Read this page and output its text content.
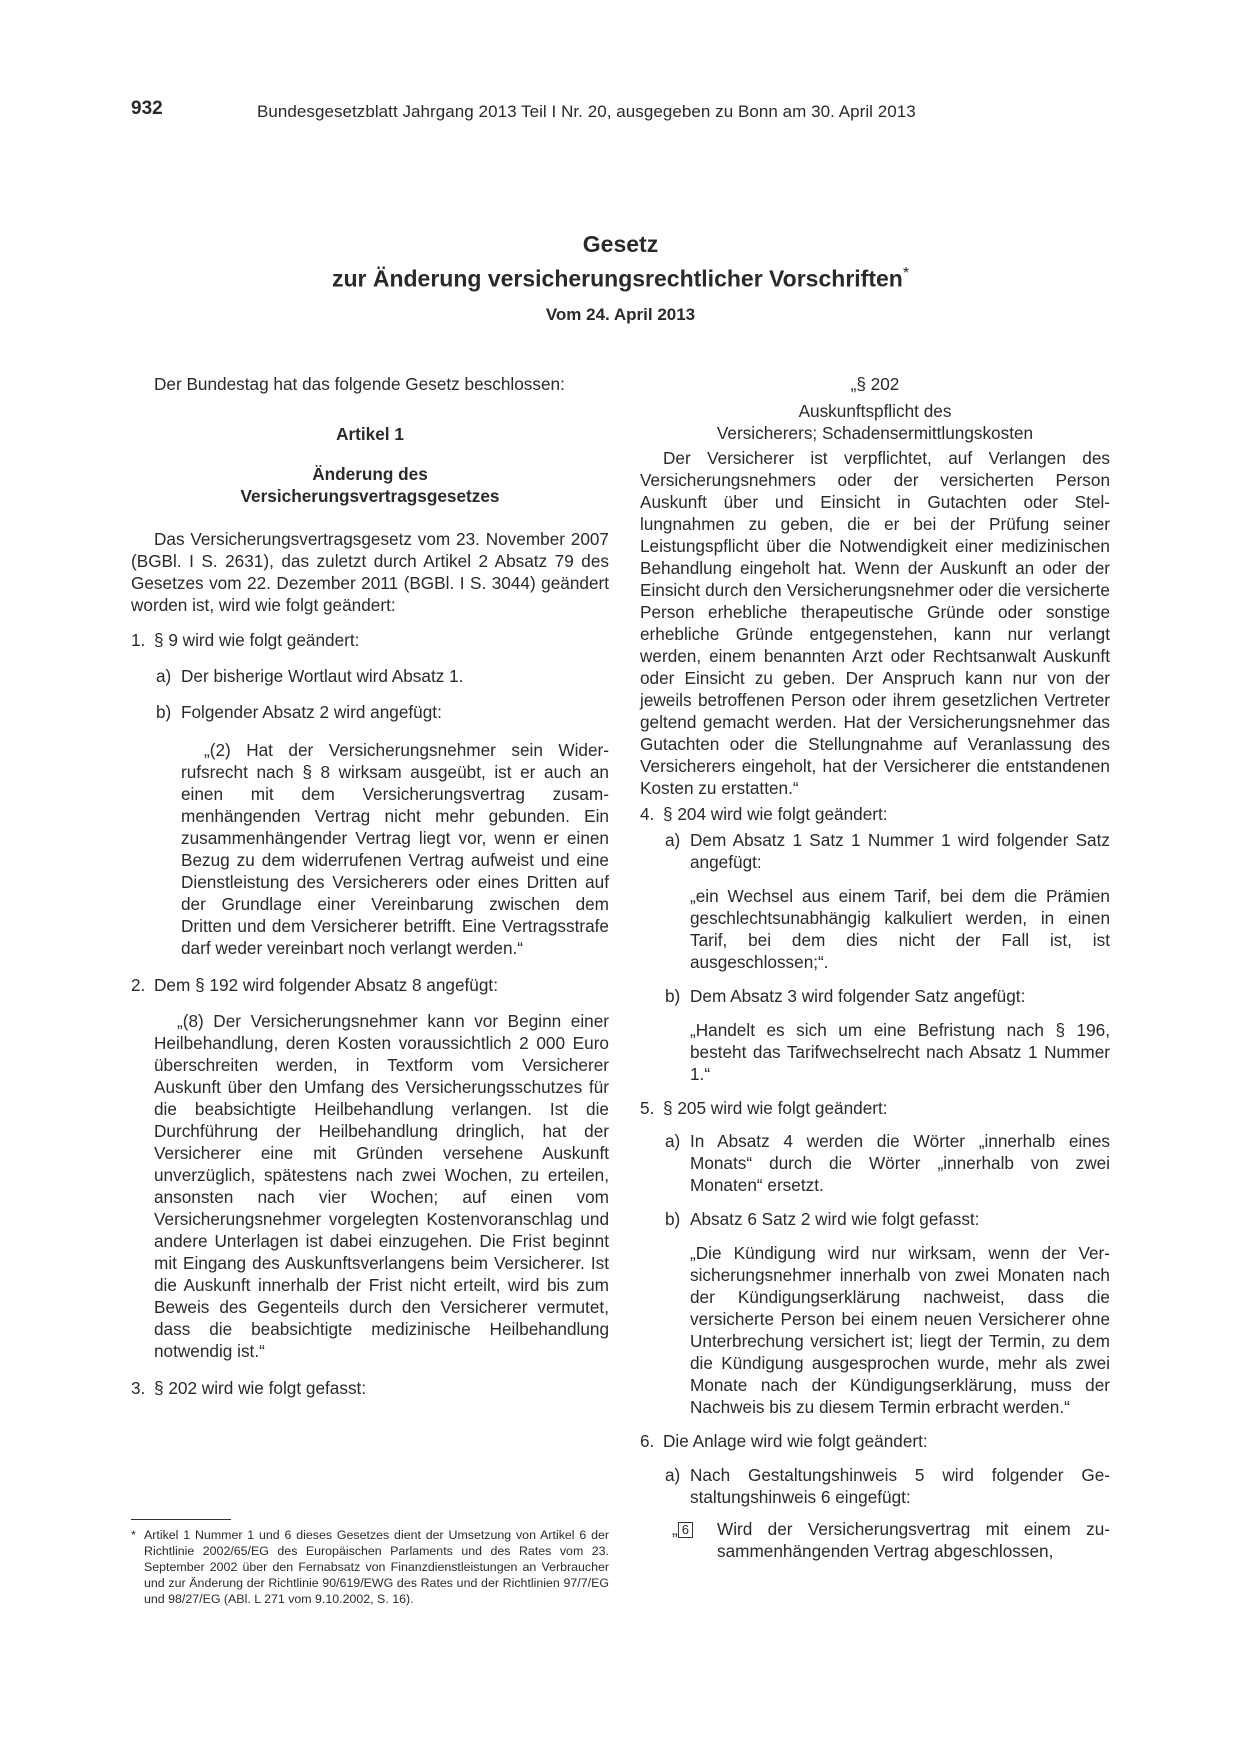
932	Bundesgesetzblatt Jahrgang 2013 Teil I Nr. 20, ausgegeben zu Bonn am 30. April 2013
Gesetz
zur Änderung versicherungsrechtlicher Vorschriften*
Vom 24. April 2013

Der Bundestag hat das folgende Gesetz beschlossen:

Artikel 1

Änderung des

Versicherungsvertragsgesetzes

Das Versicherungsvertragsgesetz vom 23. November 2007 (BGBl. I S. 2631), das zuletzt durch Artikel 2 Absatz 79 des Gesetzes vom 22. Dezember 2011 (BGBl. I S. 3044) geändert worden ist, wird wie folgt geändert:

1. § 9 wird wie folgt geändert:
a) Der bisherige Wortlaut wird Absatz 1.
b) Folgender Absatz 2 wird angefügt:

„(2) Hat der Versicherungsnehmer sein Widerrufsrecht nach § 8 wirksam ausgeübt, ist er auch an einen mit dem Versicherungsvertrag zusammenhängenden Vertrag nicht mehr gebunden. Ein zusammenhängender Vertrag liegt vor, wenn er einen Bezug zu dem widerrufenen Vertrag aufweist und eine Dienstleistung des Versicherers oder eines Dritten auf der Grundlage einer Vereinbarung zwischen dem Dritten und dem Versicherer betrifft. Eine Vertragsstrafe darf weder vereinbart noch verlangt werden.“

2. Dem § 192 wird folgender Absatz 8 angefügt:

„(8) Der Versicherungsnehmer kann vor Beginn einer Heilbehandlung, deren Kosten voraussichtlich 2 000 Euro überschreiten werden, in Textform vom Versicherer Auskunft über den Umfang des Versicherungsschutzes für die beabsichtigte Heilbehandlung verlangen. Ist die Durchführung der Heilbehandlung dringlich, hat der Versicherer eine mit Gründen versehene Auskunft unverzüglich, spätestens nach zwei Wochen, zu erteilen, ansonsten nach vier Wochen; auf einen vom Versicherungsnehmer vorgelegten Kostenvoranschlag und andere Unterlagen ist dabei einzugehen. Die Frist beginnt mit Eingang des Auskunftsverlangens beim Versicherer. Ist die Auskunft innerhalb der Frist nicht erteilt, wird bis zum Beweis des Gegenteils durch den Versicherer vermutet, dass die beabsichtigte medizinische Heilbehandlung notwendig ist.“

3. § 202 wird wie folgt gefasst:
* Artikel 1 Nummer 1 und 6 dieses Gesetzes dient der Umsetzung von Artikel 6 der Richtlinie 2002/65/EG des Europäischen Parlaments und des Rates vom 23. September 2002 über den Fernabsatz von Finanzdienstleistungen an Verbraucher und zur Änderung der Richtlinie 90/619/EWG des Rates und der Richtlinien 97/7/EG und 98/27/EG (ABl. L 271 vom 9.10.2002, S. 16).

„§ 202

Auskunftspflicht des

Versicherers; Schadensermittlungskosten

Der Versicherer ist verpflichtet, auf Verlangen des Versicherungsnehmers oder der versicherten Person Auskunft über und Einsicht in Gutachten oder Stellungnahmen zu geben, die er bei der Prüfung seiner Leistungspflicht über die Notwendigkeit einer medizinischen Behandlung eingeholt hat. Wenn der Auskunft an oder der Einsicht durch den Versicherungsnehmer oder die versicherte Person erhebliche therapeutische Gründe oder sonstige erhebliche Gründe entgegenstehen, kann nur verlangt werden, einem benannten Arzt oder Rechtsanwalt Auskunft oder Einsicht zu geben. Der Anspruch kann nur von der jeweils betroffenen Person oder ihrem gesetzlichen Vertreter geltend gemacht werden. Hat der Versicherungsnehmer das Gutachten oder die Stellungnahme auf Veranlassung des Versicherers eingeholt, hat der Versicherer die entstandenen Kosten zu erstatten.“

4. § 204 wird wie folgt geändert:
a) Dem Absatz 1 Satz 1 Nummer 1 wird folgender Satz angefügt:

„ein Wechsel aus einem Tarif, bei dem die Prämien geschlechtsunabhängig kalkuliert werden, in einen Tarif, bei dem dies nicht der Fall ist, ist ausgeschlossen;“.

b) Dem Absatz 3 wird folgender Satz angefügt:

„Handelt es sich um eine Befristung nach § 196, besteht das Tarifwechselrecht nach Absatz 1 Nummer 1.“

5. § 205 wird wie folgt geändert:
a) In Absatz 4 werden die Wörter „innerhalb eines Monats“ durch die Wörter „innerhalb von zwei Monaten“ ersetzt.
b) Absatz 6 Satz 2 wird wie folgt gefasst:

„Die Kündigung wird nur wirksam, wenn der Versicherungsnehmer innerhalb von zwei Monaten nach der Kündigungserklärung nachweist, dass die versicherte Person bei einem neuen Versicherer ohne Unterbrechung versichert ist; liegt der Termin, zu dem die Kündigung ausgesprochen wurde, mehr als zwei Monate nach der Kündigungserklärung, muss der Nachweis bis zu diesem Termin erbracht werden.“

6. Die Anlage wird wie folgt geändert:
a) Nach Gestaltungshinweis 5 wird folgender Gestaltungshinweis 6 eingefügt:
„ 6 Wird der Versicherungsvertrag mit einem zusammenhängenden Vertrag abgeschlossen,
